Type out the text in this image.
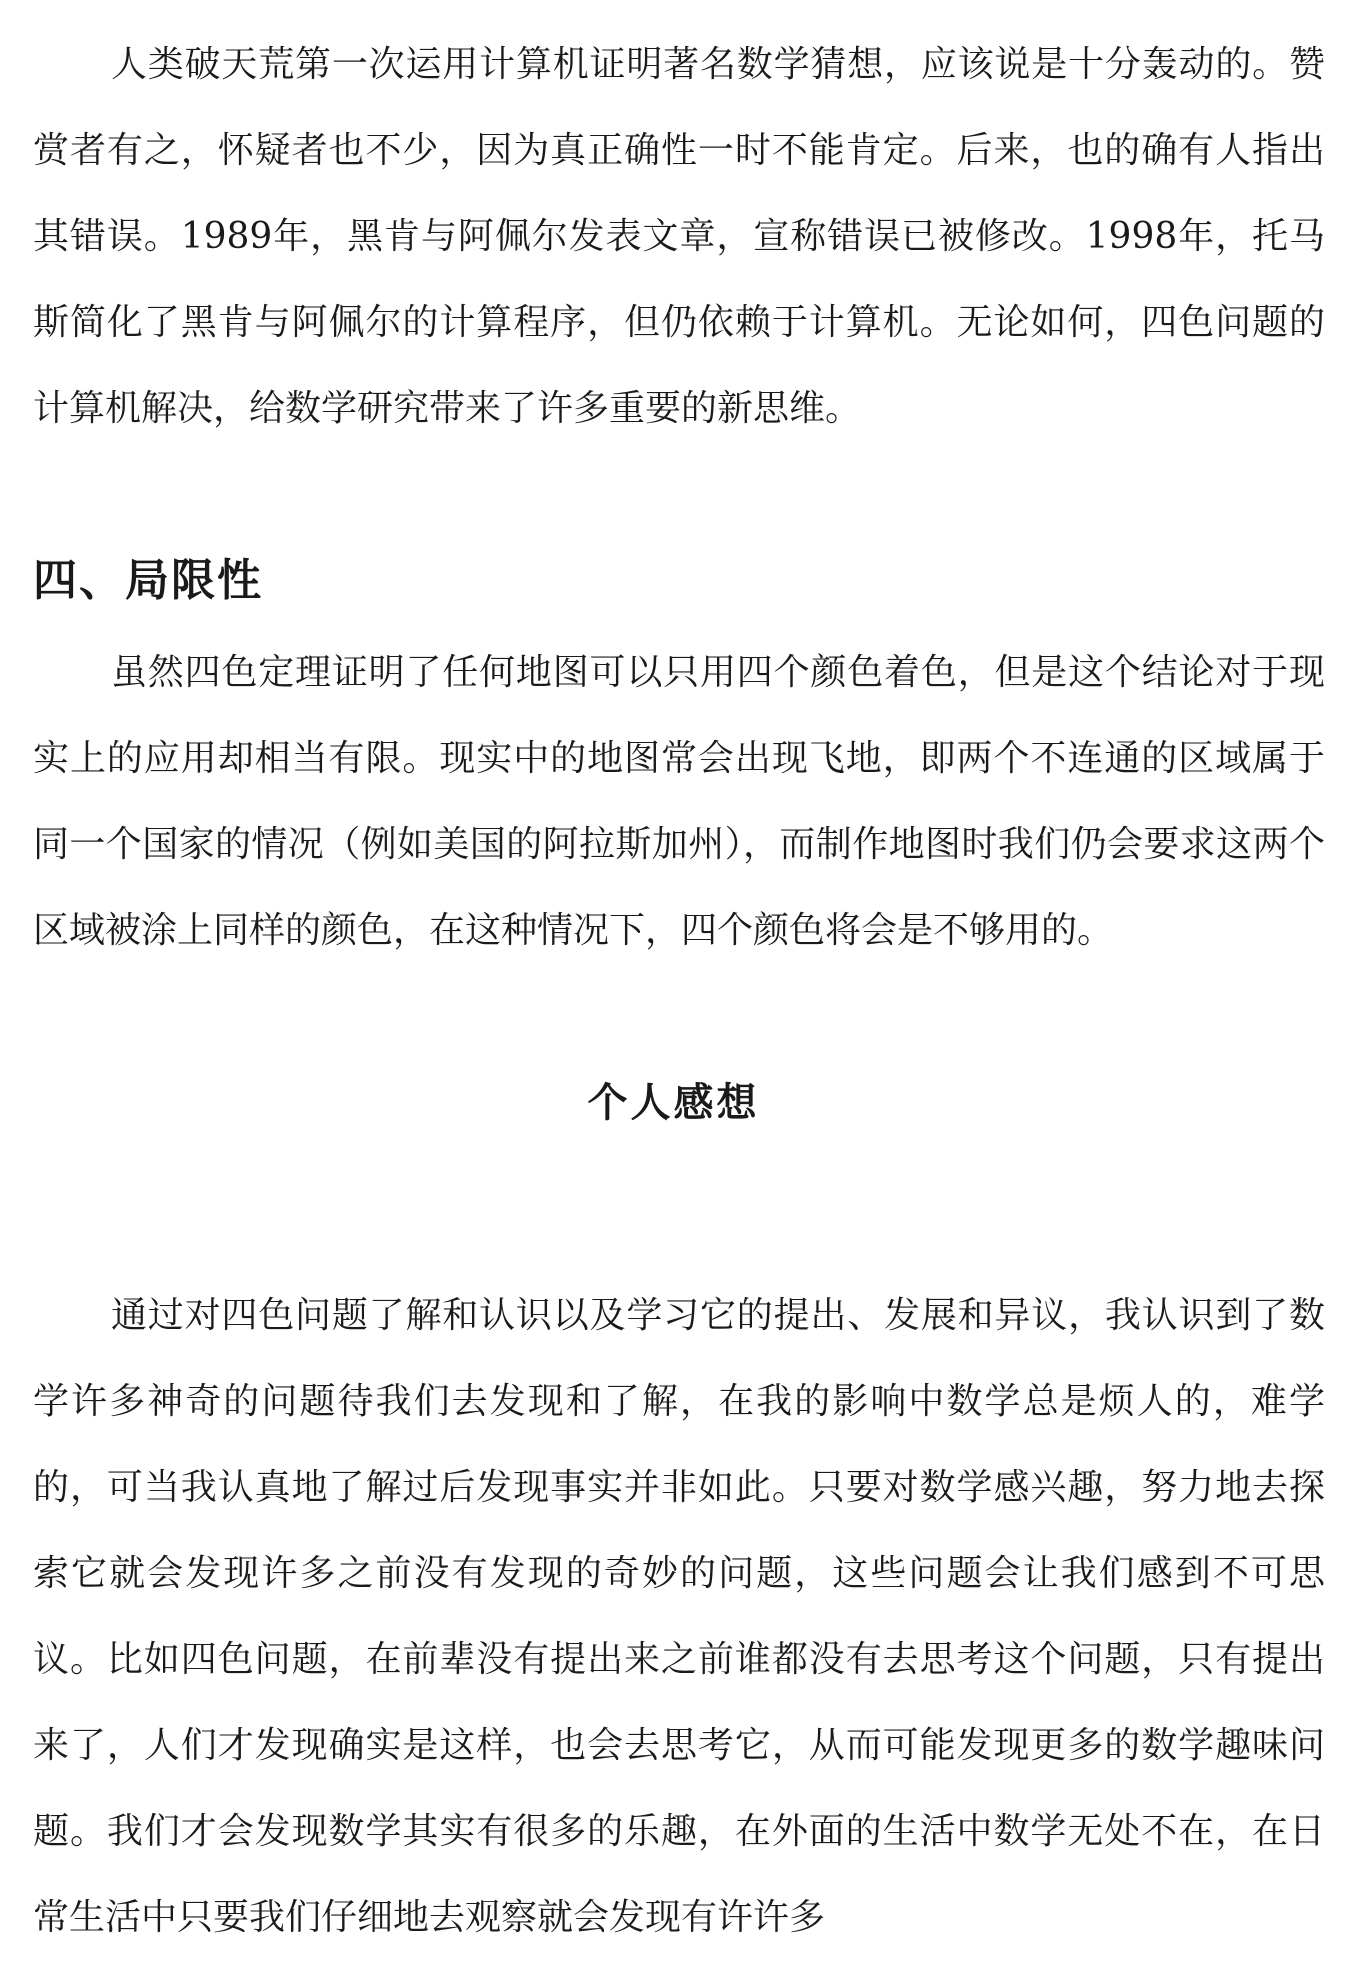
人类破天荒第一次运用计算机证明著名数学猜想，应该说是十分轰动的。赞赏者有之，怀疑者也不少，因为真正确性一时不能肯定。后来，也的确有人指出其错误。1989年，黑肯与阿佩尔发表文章，宣称错误已被修改。1998年，托马斯简化了黑肯与阿佩尔的计算程序，但仍依赖于计算机。无论如何，四色问题的计算机解决，给数学研究带来了许多重要的新思维。

四、局限性

虽然四色定理证明了任何地图可以只用四个颜色着色，但是这个结论对于现实上的应用却相当有限。现实中的地图常会出现飞地，即两个不连通的区域属于同一个国家的情况（例如美国的阿拉斯加州），而制作地图时我们仍会要求这两个区域被涂上同样的颜色，在这种情况下，四个颜色将会是不够用的。

个人感想

通过对四色问题了解和认识以及学习它的提出、发展和异议，我认识到了数学许多神奇的问题待我们去发现和了解，在我的影响中数学总是烦人的，难学的，可当我认真地了解过后发现事实并非如此。只要对数学感兴趣，努力地去探索它就会发现许多之前没有发现的奇妙的问题，这些问题会让我们感到不可思议。比如四色问题，在前辈没有提出来之前谁都没有去思考这个问题，只有提出来了，人们才发现确实是这样，也会去思考它，从而可能发现更多的数学趣味问题。我们才会发现数学其实有很多的乐趣，在外面的生活中数学无处不在，在日常生活中只要我们仔细地去观察就会发现有许许多
